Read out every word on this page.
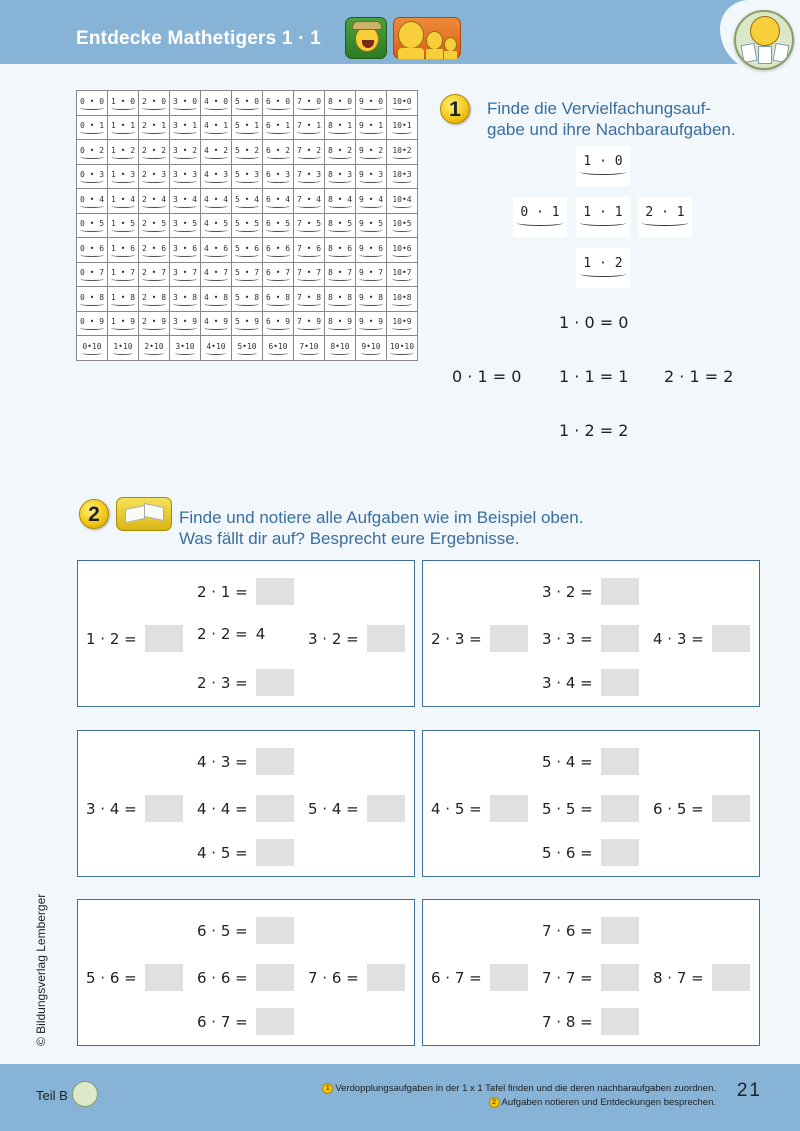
Entdecke Mathetigers 1 · 1
0 • 0	1 • 0	2 • 0	3 • 0	4 • 0	5 • 0	6 • 0	7 • 0	8 • 0	9 • 0	10•0
0 • 1	1 • 1	2 • 1	3 • 1	4 • 1	5 • 1	6 • 1	7 • 1	8 • 1	9 • 1	10•1
0 • 2	1 • 2	2 • 2	3 • 2	4 • 2	5 • 2	6 • 2	7 • 2	8 • 2	9 • 2	10•2
0 • 3	1 • 3	2 • 3	3 • 3	4 • 3	5 • 3	6 • 3	7 • 3	8 • 3	9 • 3	10•3
0 • 4	1 • 4	2 • 4	3 • 4	4 • 4	5 • 4	6 • 4	7 • 4	8 • 4	9 • 4	10•4
0 • 5	1 • 5	2 • 5	3 • 5	4 • 5	5 • 5	6 • 5	7 • 5	8 • 5	9 • 5	10•5
0 • 6	1 • 6	2 • 6	3 • 6	4 • 6	5 • 6	6 • 6	7 • 6	8 • 6	9 • 6	10•6
0 • 7	1 • 7	2 • 7	3 • 7	4 • 7	5 • 7	6 • 7	7 • 7	8 • 7	9 • 7	10•7
0 • 8	1 • 8	2 • 8	3 • 8	4 • 8	5 • 8	6 • 8	7 • 8	8 • 8	9 • 8	10•8
0 • 9	1 • 9	2 • 9	3 • 9	4 • 9	5 • 9	6 • 9	7 • 9	8 • 9	9 • 9	10•9
0•10	1•10	2•10	3•10	4•10	5•10	6•10	7•10	8•10	9•10	10•10
1	Finde die Vervielfachungsauf-
gabe und ihre Nachbaraufgaben.
1 · 0
0 · 1	1 · 1	2 · 1
1 · 2
1 · 0 = 0
0 · 1 = 0 1 · 1 = 1 2 · 1 = 2
1 · 2 = 2
2	Finde und notiere alle Aufgaben wie im Beispiel oben.
Was fällt dir auf? Besprecht eure Ergebnisse.
2 · 1 =
1 · 2 =	2 · 2 = 4	3 · 2 =
2 · 3 =
3 · 2 =
2 · 3 =	3 · 3 =	4 · 3 =
3 · 4 =
4 · 3 =
3 · 4 =	4 · 4 =	5 · 4 =
4 · 5 =
5 · 4 =
4 · 5 =	5 · 5 =	6 · 5 =
5 · 6 =
6 · 5 =
5 · 6 =	6 · 6 =	7 · 6 =
6 · 7 =
7 · 6 =
6 · 7 =	7 · 7 =	8 · 7 =
7 · 8 =
© Bildungsverlag Lemberger
Teil B	1 Verdopplungsaufgaben in der 1 x 1 Tafel finden und die deren nachbaraufgaben zuordnen.
2 Aufgaben notieren und Entdeckungen besprechen.
21
